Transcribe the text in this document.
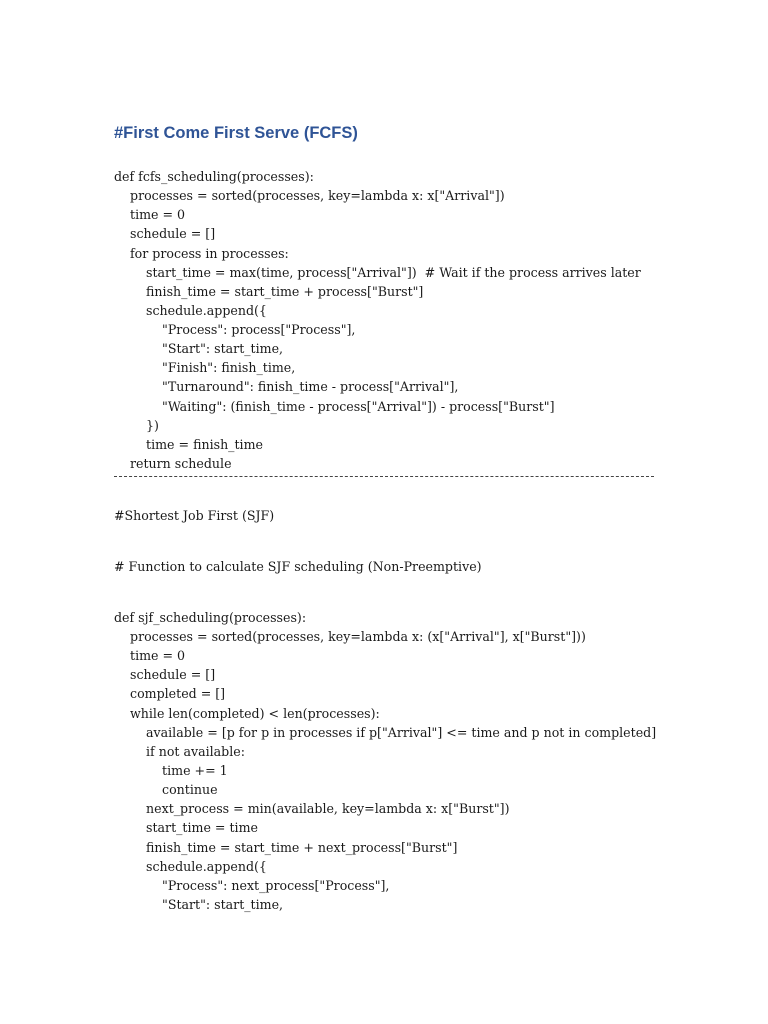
#First Come First Serve (FCFS)
def fcfs_scheduling(processes):
processes = sorted(processes, key=lambda x: x["Arrival"])
time = 0
schedule = []
for process in processes:
start_time = max(time, process["Arrival"])  # Wait if the process arrives later
finish_time = start_time + process["Burst"]
schedule.append({
"Process": process["Process"],
"Start": start_time,
"Finish": finish_time,
"Turnaround": finish_time - process["Arrival"],
"Waiting": (finish_time - process["Arrival"]) - process["Burst"]
})
time = finish_time
return schedule
#Shortest Job First (SJF)
# Function to calculate SJF scheduling (Non-Preemptive)
def sjf_scheduling(processes):
processes = sorted(processes, key=lambda x: (x["Arrival"], x["Burst"]))
time = 0
schedule = []
completed = []
while len(completed) < len(processes):
available = [p for p in processes if p["Arrival"] <= time and p not in completed]
if not available:
time += 1
continue
next_process = min(available, key=lambda x: x["Burst"])
start_time = time
finish_time = start_time + next_process["Burst"]
schedule.append({
"Process": next_process["Process"],
"Start": start_time,
